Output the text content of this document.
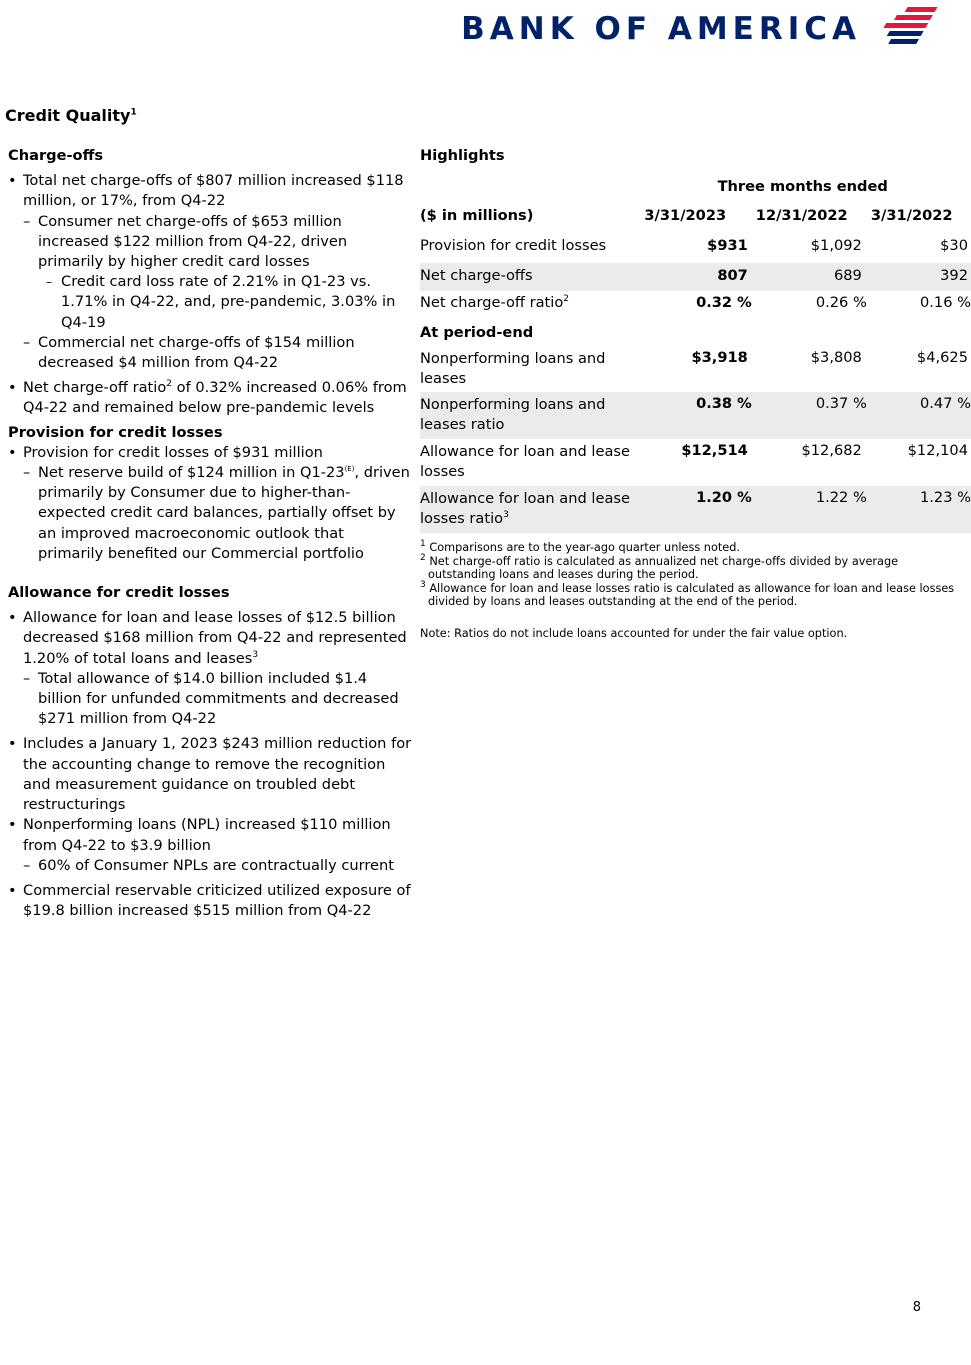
BANK OF AMERICA
Credit Quality$^1$
Charge-offs
• Total net charge-offs of $807 million increased $118 million, or 17%, from Q4-22
– Consumer net charge-offs of $653 million increased $122 million from Q4-22, driven primarily by higher credit card losses
– Credit card loss rate of 2.21% in Q1-23 vs. 1.71% in Q4-22, and, pre-pandemic, 3.03% in Q4-19
– Commercial net charge-offs of $154 million decreased $4 million from Q4-22
• Net charge-off ratio$^2$ of 0.32% increased 0.06% from Q4-22 and remained below pre-pandemic levels
Provision for credit losses
• Provision for credit losses of $931 million
– Net reserve build of $124 million in $Q1-23^{(E)}$, driven primarily by Consumer due to higher-than-expected credit card balances, partially offset by an improved macroeconomic outlook that primarily benefited our Commercial portfolio
Allowance for credit losses
• Allowance for loan and lease losses of $12.5 billion decreased $168 million from Q4-22 and represented 1.20% of total loans and leases$^3$
– Total allowance of $14.0 billion included $1.4 billion for unfunded commitments and decreased $271 million from Q4-22
• Includes a January 1, 2023 $243 million reduction for the accounting change to remove the recognition and measurement guidance on troubled debt restructurings
• Nonperforming loans (NPL) increased $110 million from Q4-22 to $3.9 billion
– 60% of Consumer NPLs are contractually current
• Commercial reservable criticized utilized exposure of $19.8 billion increased $515 million from Q4-22
Highlights
	Three months ended		
($ in millions)	3/31/2023	12/31/2022	3/31/2022
Provision for credit losses	$931	$1,092	$30
Net charge-offs	807	689	392
Net charge-off ratio$^2$	0.32 %	0.26 %	0.16 %
At period-end			
Nonperforming loans and leases	$3,918	$3,808	$4,625
Nonperforming loans and leases ratio	0.38 %	0.37 %	0.47 %
Allowance for loan and lease losses	$12,514	$12,682	$12,104
Allowance for loan and lease losses ratio$^3$	1.20 %	1.22 %	1.23 %
$^1$ Comparisons are to the year-ago quarter unless noted.
$^2$ Net charge-off ratio is calculated as annualized net charge-offs divided by average
outstanding loans and leases during the period.
$^3$ Allowance for loan and lease losses ratio is calculated as allowance for loan and lease losses
divided by loans and leases outstanding at the end of the period.
Note: Ratios do not include loans accounted for under the fair value option.
8
